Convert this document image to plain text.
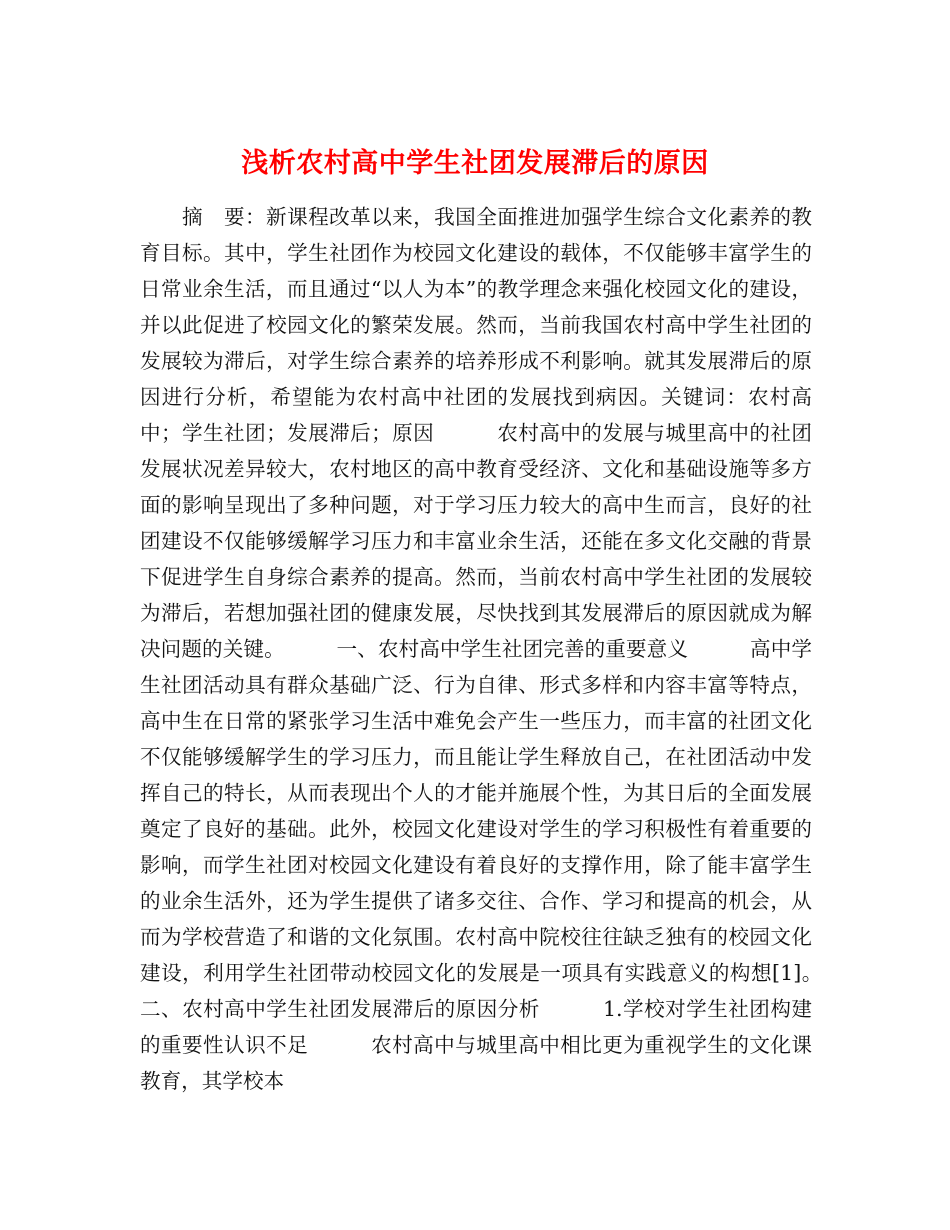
浅析农村高中学生社团发展滞后的原因

摘　要：新课程改革以来，我国全面推进加强学生综合文化素养的教育目标。其中，学生社团作为校园文化建设的载体，不仅能够丰富学生的日常业余生活，而且通过“以人为本”的教学理念来强化校园文化的建设，并以此促进了校园文化的繁荣发展。然而，当前我国农村高中学生社团的发展较为滞后，对学生综合素养的培养形成不利影响。就其发展滞后的原因进行分析，希望能为农村高中社团的发展找到病因。关键词：农村高中；学生社团；发展滞后；原因　　　农村高中的发展与城里高中的社团发展状况差异较大，农村地区的高中教育受经济、文化和基础设施等多方面的影响呈现出了多种问题，对于学习压力较大的高中生而言，良好的社团建设不仅能够缓解学习压力和丰富业余生活，还能在多文化交融的背景下促进学生自身综合素养的提高。然而，当前农村高中学生社团的发展较为滞后，若想加强社团的健康发展，尽快找到其发展滞后的原因就成为解决问题的关键。　　　一、农村高中学生社团完善的重要意义　　　高中学生社团活动具有群众基础广泛、行为自律、形式多样和内容丰富等特点，高中生在日常的紧张学习生活中难免会产生一些压力，而丰富的社团文化不仅能够缓解学生的学习压力，而且能让学生释放自己，在社团活动中发挥自己的特长，从而表现出个人的才能并施展个性，为其日后的全面发展奠定了良好的基础。此外，校园文化建设对学生的学习积极性有着重要的影响，而学生社团对校园文化建设有着良好的支撑作用，除了能丰富学生的业余生活外，还为学生提供了诸多交往、合作、学习和提高的机会，从而为学校营造了和谐的文化氛围。农村高中院校往往缺乏独有的校园文化建设，利用学生社团带动校园文化的发展是一项具有实践意义的构想[1]。　　　二、农村高中学生社团发展滞后的原因分析　　　1.学校对学生社团构建的重要性认识不足　　　农村高中与城里高中相比更为重视学生的文化课教育，其学校本
